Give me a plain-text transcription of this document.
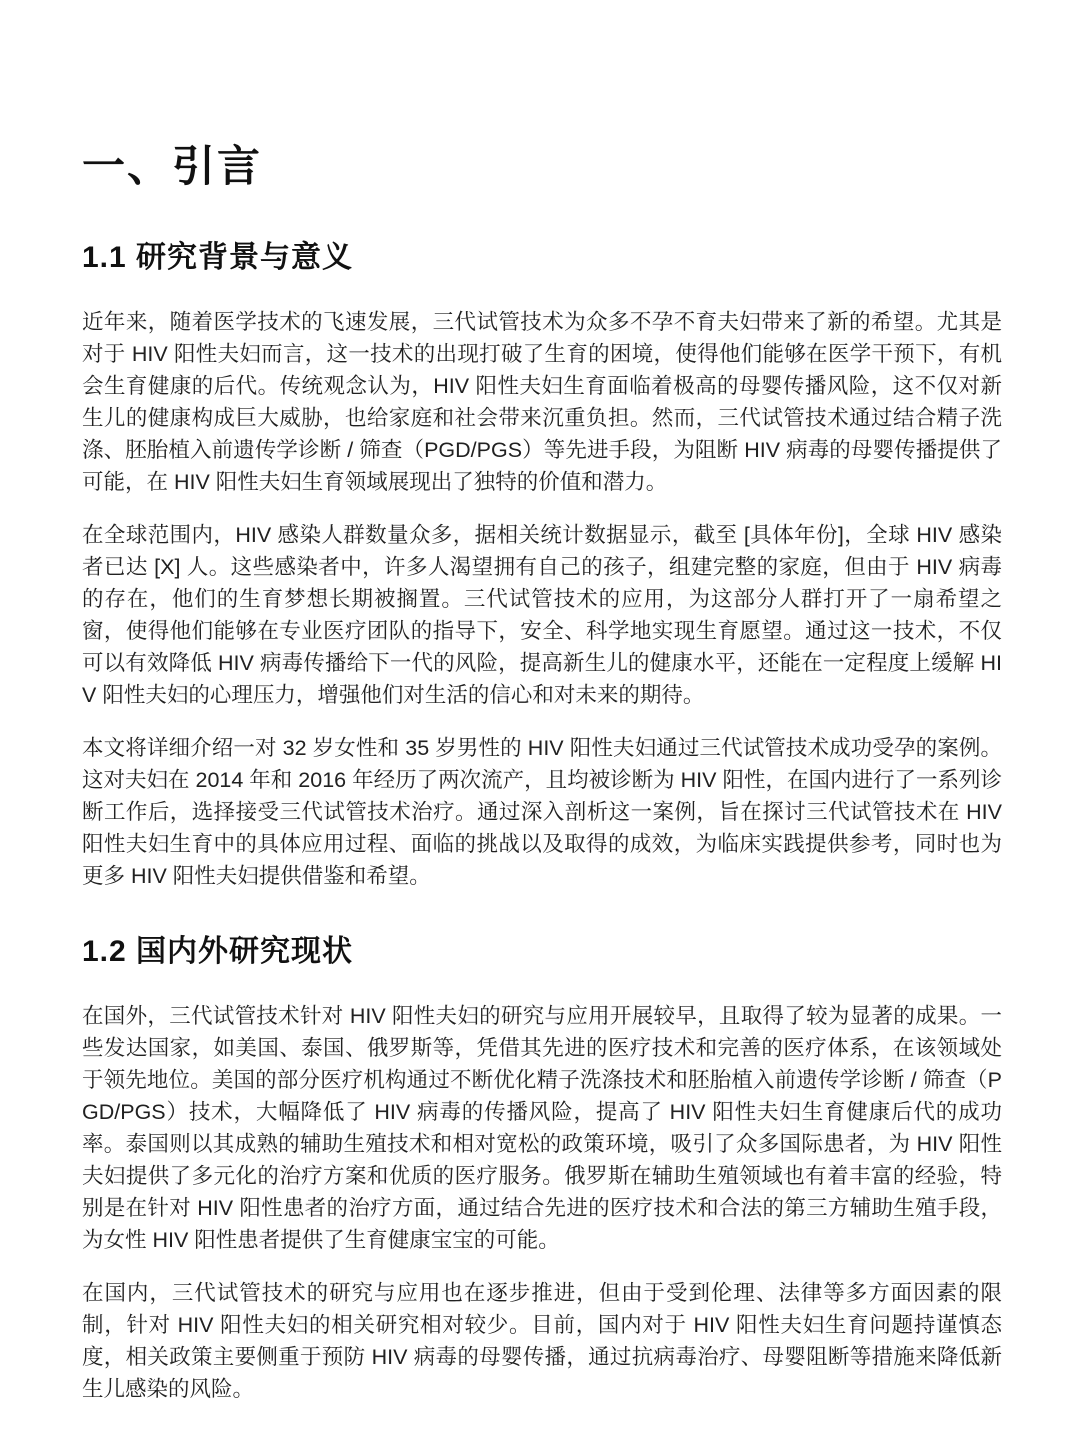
一、引言
1.1 研究背景与意义

近年来，随着医学技术的飞速发展，三代试管技术为众多不孕不育夫妇带来了新的希望。尤其是对于 HIV 阳性夫妇而言，这一技术的出现打破了生育的困境，使得他们能够在医学干预下，有机会生育健康的后代。传统观念认为，HIV 阳性夫妇生育面临着极高的母婴传播风险，这不仅对新生儿的健康构成巨大威胁，也给家庭和社会带来沉重负担。然而，三代试管技术通过结合精子洗涤、胚胎植入前遗传学诊断 / 筛查（PGD/PGS）等先进手段，为阻断 HIV 病毒的母婴传播提供了可能，在 HIV 阳性夫妇生育领域展现出了独特的价值和潜力。

在全球范围内，HIV 感染人群数量众多，据相关统计数据显示，截至 [具体年份]，全球 HIV 感染者已达 [X] 人。这些感染者中，许多人渴望拥有自己的孩子，组建完整的家庭，但由于 HIV 病毒的存在，他们的生育梦想长期被搁置。三代试管技术的应用，为这部分人群打开了一扇希望之窗，使得他们能够在专业医疗团队的指导下，安全、科学地实现生育愿望。通过这一技术，不仅可以有效降低 HIV 病毒传播给下一代的风险，提高新生儿的健康水平，还能在一定程度上缓解 HIV 阳性夫妇的心理压力，增强他们对生活的信心和对未来的期待。

本文将详细介绍一对 32 岁女性和 35 岁男性的 HIV 阳性夫妇通过三代试管技术成功受孕的案例。这对夫妇在 2014 年和 2016 年经历了两次流产，且均被诊断为 HIV 阳性，在国内进行了一系列诊断工作后，选择接受三代试管技术治疗。通过深入剖析这一案例，旨在探讨三代试管技术在 HIV 阳性夫妇生育中的具体应用过程、面临的挑战以及取得的成效，为临床实践提供参考，同时也为更多 HIV 阳性夫妇提供借鉴和希望。

1.2 国内外研究现状

在国外，三代试管技术针对 HIV 阳性夫妇的研究与应用开展较早，且取得了较为显著的成果。一些发达国家，如美国、泰国、俄罗斯等，凭借其先进的医疗技术和完善的医疗体系，在该领域处于领先地位。美国的部分医疗机构通过不断优化精子洗涤技术和胚胎植入前遗传学诊断 / 筛查（PGD/PGS）技术，大幅降低了 HIV 病毒的传播风险，提高了 HIV 阳性夫妇生育健康后代的成功率。泰国则以其成熟的辅助生殖技术和相对宽松的政策环境，吸引了众多国际患者，为 HIV 阳性夫妇提供了多元化的治疗方案和优质的医疗服务。俄罗斯在辅助生殖领域也有着丰富的经验，特别是在针对 HIV 阳性患者的治疗方面，通过结合先进的医疗技术和合法的第三方辅助生殖手段，为女性 HIV 阳性患者提供了生育健康宝宝的可能。

在国内，三代试管技术的研究与应用也在逐步推进，但由于受到伦理、法律等多方面因素的限制，针对 HIV 阳性夫妇的相关研究相对较少。目前，国内对于 HIV 阳性夫妇生育问题持谨慎态度，相关政策主要侧重于预防 HIV 病毒的母婴传播，通过抗病毒治疗、母婴阻断等措施来降低新生儿感染的风险。
